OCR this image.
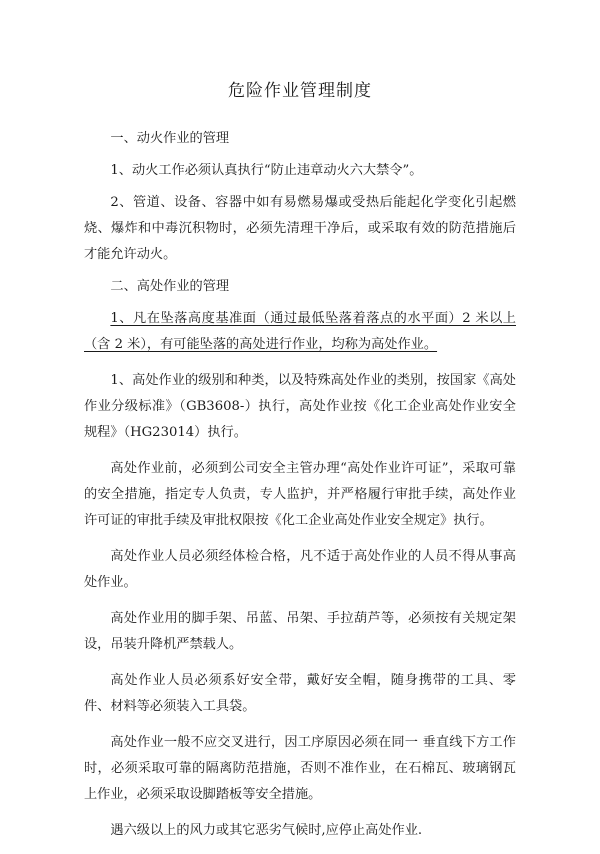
危险作业管理制度

一、动火作业的管理

1、动火工作必须认真执行“防止违章动火六大禁令”。

2、管道、设备、容器中如有易燃易爆或受热后能起化学变化引起燃烧、爆炸和中毒沉积物时，必须先清理干净后，或采取有效的防范措施后才能允许动火。

二、高处作业的管理

1、凡在坠落高度基准面（通过最低坠落着落点的水平面）2 米以上（含 2 米），有可能坠落的高处进行作业，均称为高处作业。

1、高处作业的级别和种类，以及特殊高处作业的类别，按国家《高处作业分级标准》（GB3608-）执行，高处作业按《化工企业高处作业安全规程》（HG23014）执行。

高处作业前，必须到公司安全主管办理“高处作业许可证”，采取可靠的安全措施，指定专人负责，专人监护，并严格履行审批手续，高处作业许可证的审批手续及审批权限按《化工企业高处作业安全规定》执行。

高处作业人员必须经体检合格，凡不适于高处作业的人员不得从事高处作业。

高处作业用的脚手架、吊蓝、吊架、手拉葫芦等，必须按有关规定架设，吊装升降机严禁载人。

高处作业人员必须系好安全带，戴好安全帽，随身携带的工具、零件、材料等必须装入工具袋。

高处作业一般不应交叉进行，因工序原因必须在同一 垂直线下方工作时，必须采取可靠的隔离防范措施，否则不准作业，在石棉瓦、玻璃钢瓦上作业，必须采取设脚踏板等安全措施。

遇六级以上的风力或其它恶劣气候时,应停止高处作业.
